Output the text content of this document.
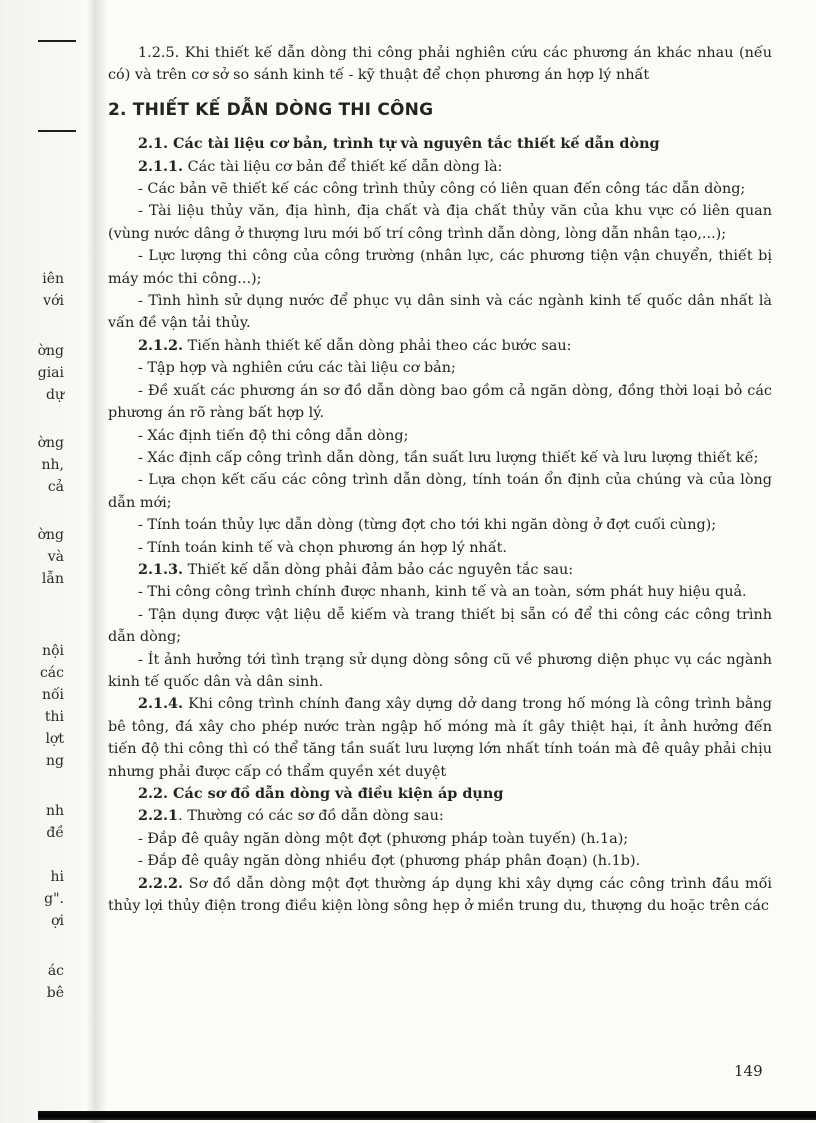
iên
với
ờng
giai
dự
ờng
nh,
cả
ờng
và
lẫn
nội
các
nối
thi
lợt
ng
nh
đề
hi
g".
ợi
ác
bê

1.2.5. Khi thiết kế dẫn dòng thi công phải nghiên cứu các phương án khác nhau (nếu có) và trên cơ sở so sánh kinh tế - kỹ thuật để chọn phương án hợp lý nhất

2. THIẾT KẾ DẪN DÒNG THI CÔNG

2.1. Các tài liệu cơ bản, trình tự và nguyên tắc thiết kế dẫn dòng

2.1.1. Các tài liệu cơ bản để thiết kế dẫn dòng là:

- Các bản vẽ thiết kế các công trình thủy công có liên quan đến công tác dẫn dòng;

- Tài liệu thủy văn, địa hình, địa chất và địa chất thủy văn của khu vực có liên quan (vùng nước dâng ở thượng lưu mới bố trí công trình dẫn dòng, lòng dẫn nhân tạo,...);

- Lực lượng thi công của công trường (nhân lực, các phương tiện vận chuyển, thiết bị máy móc thi công...);

- Tình hình sử dụng nước để phục vụ dân sinh và các ngành kinh tế quốc dân nhất là vấn đề vận tải thủy.

2.1.2. Tiến hành thiết kế dẫn dòng phải theo các bước sau:

- Tập hợp và nghiên cứu các tài liệu cơ bản;

- Đề xuất các phương án sơ đồ dẫn dòng bao gồm cả ngăn dòng, đồng thời loại bỏ các phương án rõ ràng bất hợp lý.

- Xác định tiến độ thi công dẫn dòng;

- Xác định cấp công trình dẫn dòng, tần suất lưu lượng thiết kế và lưu lượng thiết kế;

- Lựa chọn kết cấu các công trình dẫn dòng, tính toán ổn định của chúng và của lòng dẫn mới;

- Tính toán thủy lực dẫn dòng (từng đợt cho tới khi ngăn dòng ở đợt cuối cùng);

- Tính toán kinh tế và chọn phương án hợp lý nhất.

2.1.3. Thiết kế dẫn dòng phải đảm bảo các nguyên tắc sau:

- Thi công công trình chính được nhanh, kinh tế và an toàn, sớm phát huy hiệu quả.

- Tận dụng được vật liệu dễ kiếm và trang thiết bị sẵn có để thi công các công trình dẫn dòng;

- Ít ảnh hưởng tới tình trạng sử dụng dòng sông cũ về phương diện phục vụ các ngành kinh tế quốc dân và dân sinh.

2.1.4. Khi công trình chính đang xây dựng dở dang trong hố móng là công trình bằng bê tông, đá xây cho phép nước tràn ngập hố móng mà ít gây thiệt hại, ít ảnh hưởng đến tiến độ thi công thì có thể tăng tần suất lưu lượng lớn nhất tính toán mà đê quây phải chịu nhưng phải được cấp có thẩm quyền xét duyệt

2.2. Các sơ đồ dẫn dòng và điều kiện áp dụng

2.2.1. Thường có các sơ đồ dẫn dòng sau:

- Đắp đê quây ngăn dòng một đợt (phương pháp toàn tuyến) (h.1a);

- Đắp đê quây ngăn dòng nhiều đợt (phương pháp phân đoạn) (h.1b).

2.2.2. Sơ đồ dẫn dòng một đợt thường áp dụng khi xây dựng các công trình đầu mối thủy lợi thủy điện trong điều kiện lòng sông hẹp ở miền trung du, thượng du hoặc trên các

149
